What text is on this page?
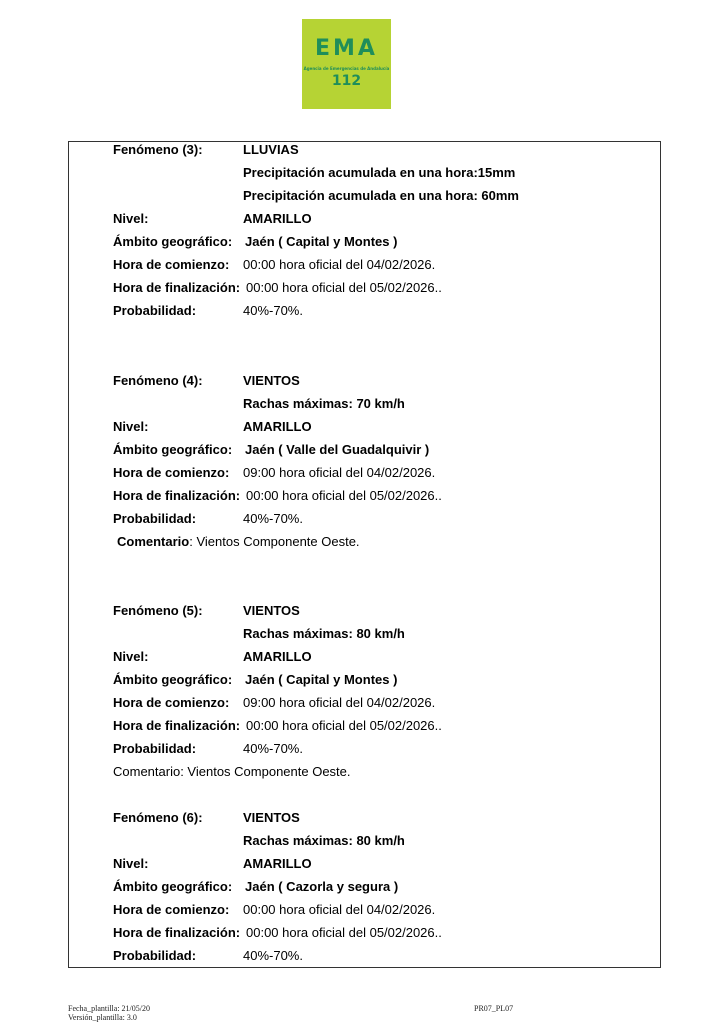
EMA
Agencia de Emergencias de Andalucía
112
Fenómeno (3):	LLUVIAS
Precipitación acumulada en una hora:15mm
Precipitación acumulada en una hora: 60mm
Nivel:	AMARILLO
Ámbito geográfico: Jaén ( Capital y Montes )
Hora de comienzo: 00:00 hora oficial del 04/02/2026.
Hora de finalización: 00:00 hora oficial del 05/02/2026..
Probabilidad:	40%-70%.
Fenómeno (4):	VIENTOS
Rachas máximas: 70 km/h
Nivel:	AMARILLO
Ámbito geográfico: Jaén ( Valle del Guadalquivir )
Hora de comienzo: 09:00 hora oficial del 04/02/2026.
Hora de finalización: 00:00 hora oficial del 05/02/2026..
Probabilidad:	40%-70%.
Comentario: Vientos Componente Oeste.
Fenómeno (5):	VIENTOS
Rachas máximas: 80 km/h
Nivel:	AMARILLO
Ámbito geográfico: Jaén ( Capital y Montes )
Hora de comienzo: 09:00 hora oficial del 04/02/2026.
Hora de finalización: 00:00 hora oficial del 05/02/2026..
Probabilidad:	40%-70%.
Comentario: Vientos Componente Oeste.
Fenómeno (6):	VIENTOS
Rachas máximas: 80 km/h
Nivel:	AMARILLO
Ámbito geográfico: Jaén ( Cazorla y segura )
Hora de comienzo: 00:00 hora oficial del 04/02/2026.
Hora de finalización: 00:00 hora oficial del 05/02/2026..
Probabilidad:	40%-70%.
Fecha_plantilla: 21/05/20
Versión_plantilla: 3.0
PR07_PL07
